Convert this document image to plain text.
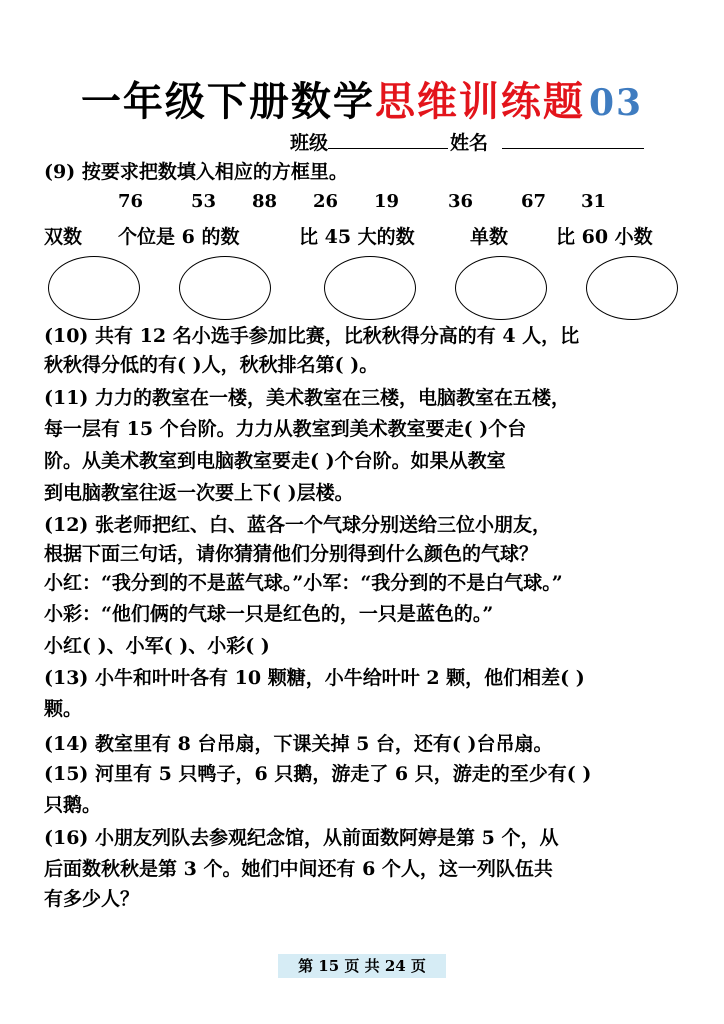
一年级下册数学思维训练题 03
班级	姓名
(9) 按要求把数填入相应的方框里。
76	53 88 26 19	36	67 31
双数 个位是 6 的数	比 45 大的数	单数	比 60 小数
(10) 共有 12 名小选手参加比赛，比秋秋得分高的有 4 人，比
秋秋得分低的有( )人，秋秋排名第( )。
(11) 力力的教室在一楼，美术教室在三楼，电脑教室在五楼，
每一层有 15 个台阶。力力从教室到美术教室要走( )个台
阶。从美术教室到电脑教室要走( )个台阶。如果从教室
到电脑教室往返一次要上下( )层楼。
(12) 张老师把红、白、蓝各一个气球分别送给三位小朋友，
根据下面三句话，请你猜猜他们分别得到什么颜色的气球？
小红：“我分到的不是蓝气球。”小军：“我分到的不是白气球。”
小彩：“他们俩的气球一只是红色的，一只是蓝色的。”
小红( )、小军( )、小彩( )
(13) 小牛和叶叶各有 10 颗糖，小牛给叶叶 2 颗，他们相差( )
颗。
(14) 教室里有 8 台吊扇，下课关掉 5 台，还有( )台吊扇。
(15) 河里有 5 只鸭子，6 只鹅，游走了 6 只，游走的至少有( )
只鹅。
(16) 小朋友列队去参观纪念馆，从前面数阿婷是第 5 个，从
后面数秋秋是第 3 个。她们中间还有 6 个人，这一列队伍共
有多少人？
第 15 页 共 24 页
